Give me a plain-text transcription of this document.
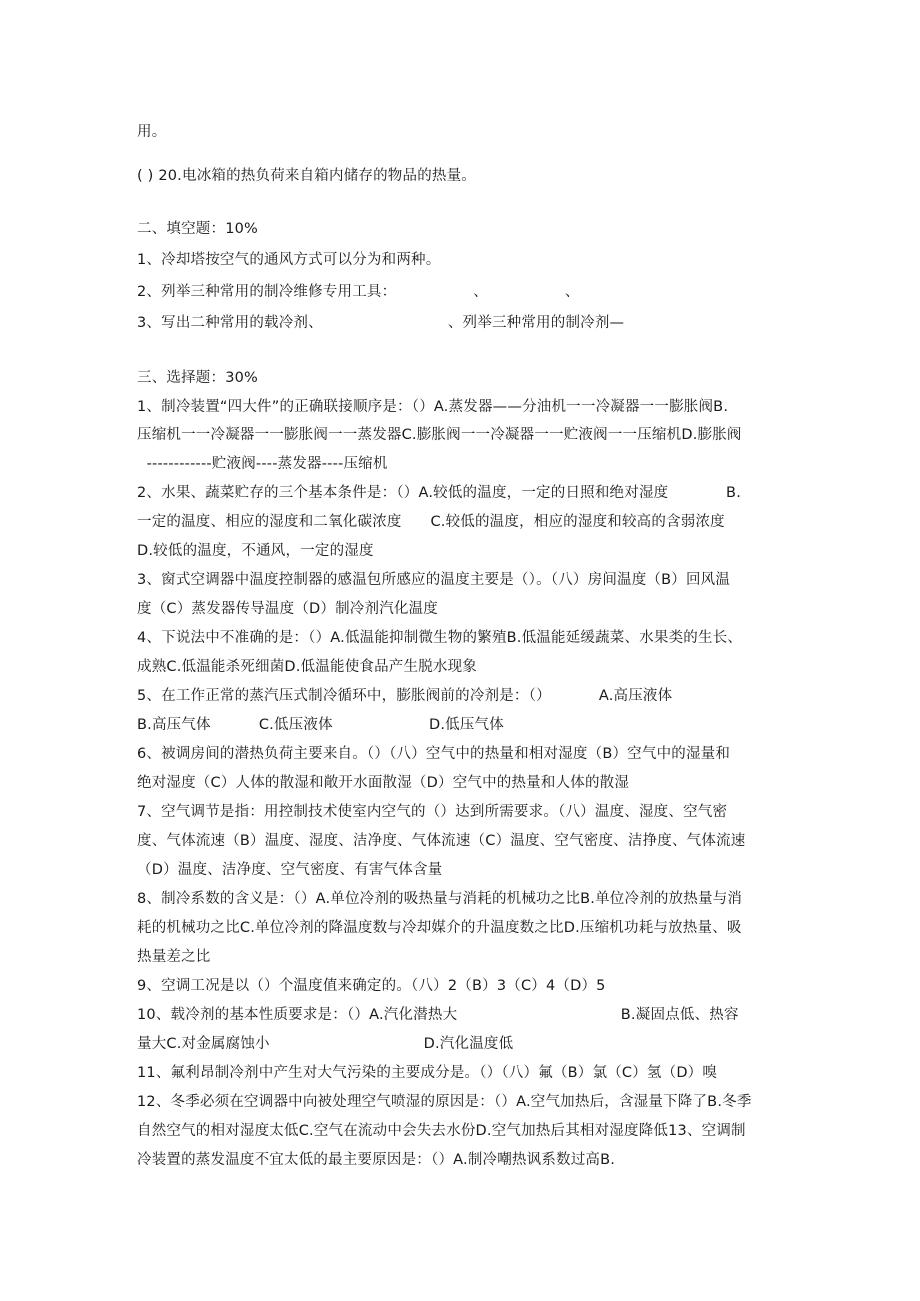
用。
( ) 20.电冰箱的热负荷来自箱内储存的物品的热量。
二、填空题：10%
1、冷却塔按空气的通风方式可以分为和两种。
2、列举三种常用的制冷维修专用工具：                、                、
3、写出二种常用的载冷剂、                          、列举三种常用的制冷剂—
三、选择题：30%
1、制冷装置“四大件”的正确联接顺序是：（）A.蒸发器——分油机一一冷凝器一一膨胀阀B.
压缩机一一冷凝器一一膨胀阀一一蒸发器C.膨胀阀一一冷凝器一一贮液阀一一压缩机D.膨胀阀
------------贮液阀----蒸发器----压缩机
2、水果、蔬菜贮存的三个基本条件是：（）A.较低的温度，一定的日照和绝对湿度            B.
一定的温度、相应的湿度和二氧化碳浓度      C.较低的温度，相应的湿度和较高的含弱浓度
D.较低的温度，不通风，一定的湿度
3、窗式空调器中温度控制器的感温包所感应的温度主要是（）。（八）房间温度（B）回风温
度（C）蒸发器传导温度（D）制冷剂汽化温度
4、下说法中不准确的是：（）A.低温能抑制微生物的繁殖B.低温能延缓蔬菜、水果类的生长、
成熟C.低温能杀死细菌D.低温能使食品产生脱水现象
5、在工作正常的蒸汽压式制冷循环中，膨胀阀前的冷剂是：（）          A.高压液体
B.高压气体          C.低压液体                    D.低压气体
6、被调房间的潜热负荷主要来自。（）（八）空气中的热量和相对湿度（B）空气中的湿量和
绝对湿度（C）人体的散湿和敞开水面散湿（D）空气中的热量和人体的散湿
7、空气调节是指：用控制技术使室内空气的（）达到所需要求。（八）温度、湿度、空气密
度、气体流速（B）温度、湿度、洁净度、气体流速（C）温度、空气密度、洁挣度、气体流速
（D）温度、洁净度、空气密度、有害气体含量
8、制冷系数的含义是：（）A.单位冷剂的吸热量与消耗的机械功之比B.单位冷剂的放热量与消
耗的机械功之比C.单位冷剂的降温度数与冷却媒介的升温度数之比D.压缩机功耗与放热量、吸
热量差之比
9、空调工况是以（）个温度值来确定的。（八）2（B）3（C）4（D）5
10、载冷剂的基本性质要求是：（）A.汽化潜热大                                  B.凝固点低、热容
量大C.对金属腐蚀小                                D.汽化温度低
11、氟利昂制冷剂中产生对大气污染的主要成分是。（）（八）氟（B）氯（C）氢（D）嗅
12、冬季必须在空调器中向被处理空气喷湿的原因是：（）A.空气加热后，含湿量下降了B.冬季
自然空气的相对湿度太低C.空气在流动中会失去水份D.空气加热后其相对湿度降低13、空调制
冷装置的蒸发温度不宜太低的最主要原因是：（）A.制冷嘲热讽系数过高B.
